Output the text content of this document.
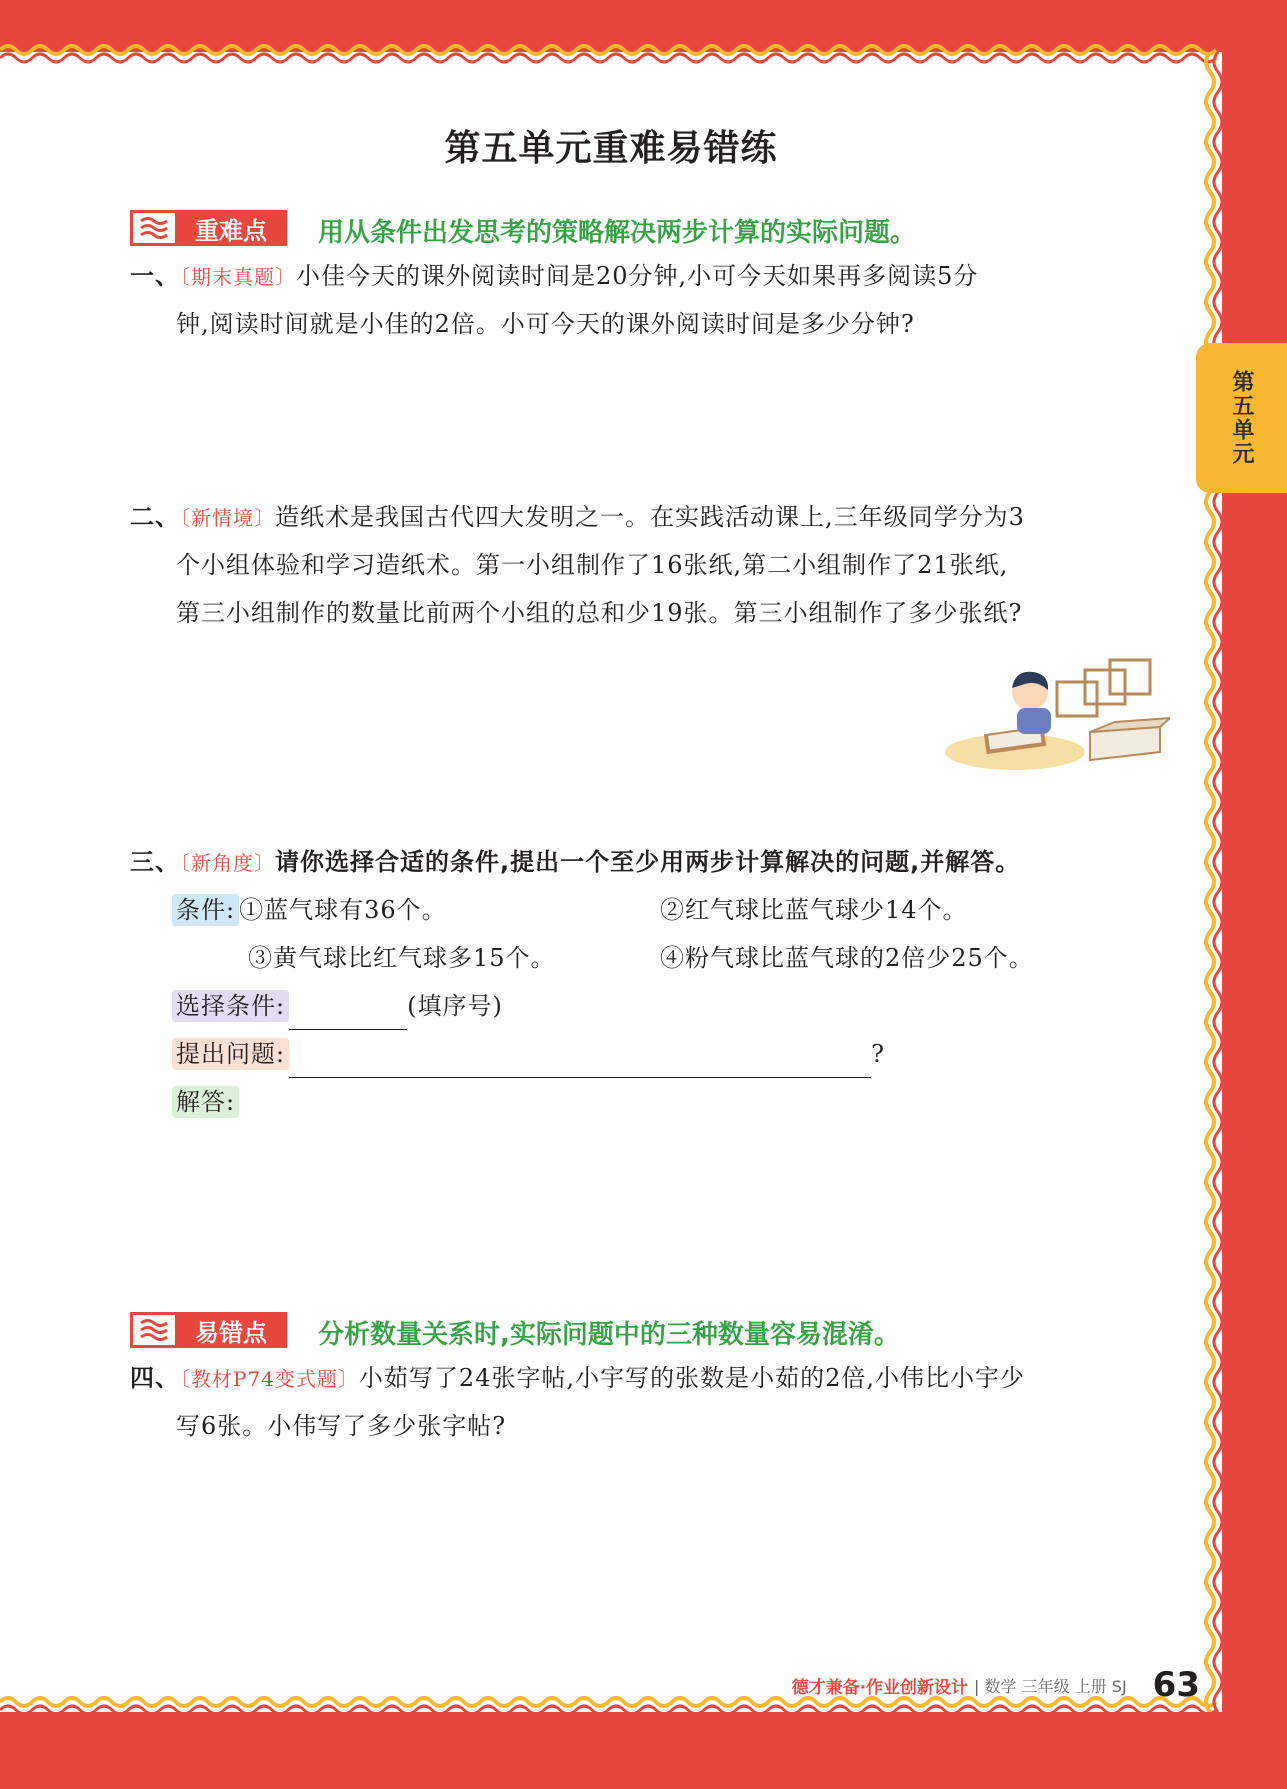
第五单元重难易错练
第五单元
重难点	用从条件出发思考的策略解决两步计算的实际问题。
一、〔期末真题〕小佳今天的课外阅读时间是20分钟,小可今天如果再多阅读5分
钟,阅读时间就是小佳的2倍。小可今天的课外阅读时间是多少分钟?
二、〔新情境〕造纸术是我国古代四大发明之一。在实践活动课上,三年级同学分为3
个小组体验和学习造纸术。第一小组制作了16张纸,第二小组制作了21张纸,
第三小组制作的数量比前两个小组的总和少19张。第三小组制作了多少张纸?
三、〔新角度〕请你选择合适的条件,提出一个至少用两步计算解决的问题,并解答。
条件: ①蓝气球有36个。	②红气球比蓝气球少14个。
③黄气球比红气球多15个。	④粉气球比蓝气球的2倍少25个。
选择条件:	(填序号)
提出问题:	?
解答:
易错点	分析数量关系时,实际问题中的三种数量容易混淆。
四、〔教材P74变式题〕小茹写了24张字帖,小宇写的张数是小茹的2倍,小伟比小宇少
写6张。小伟写了多少张字帖?
德才兼备·作业创新设计 | 数学 三年级 上册 SJ 63
